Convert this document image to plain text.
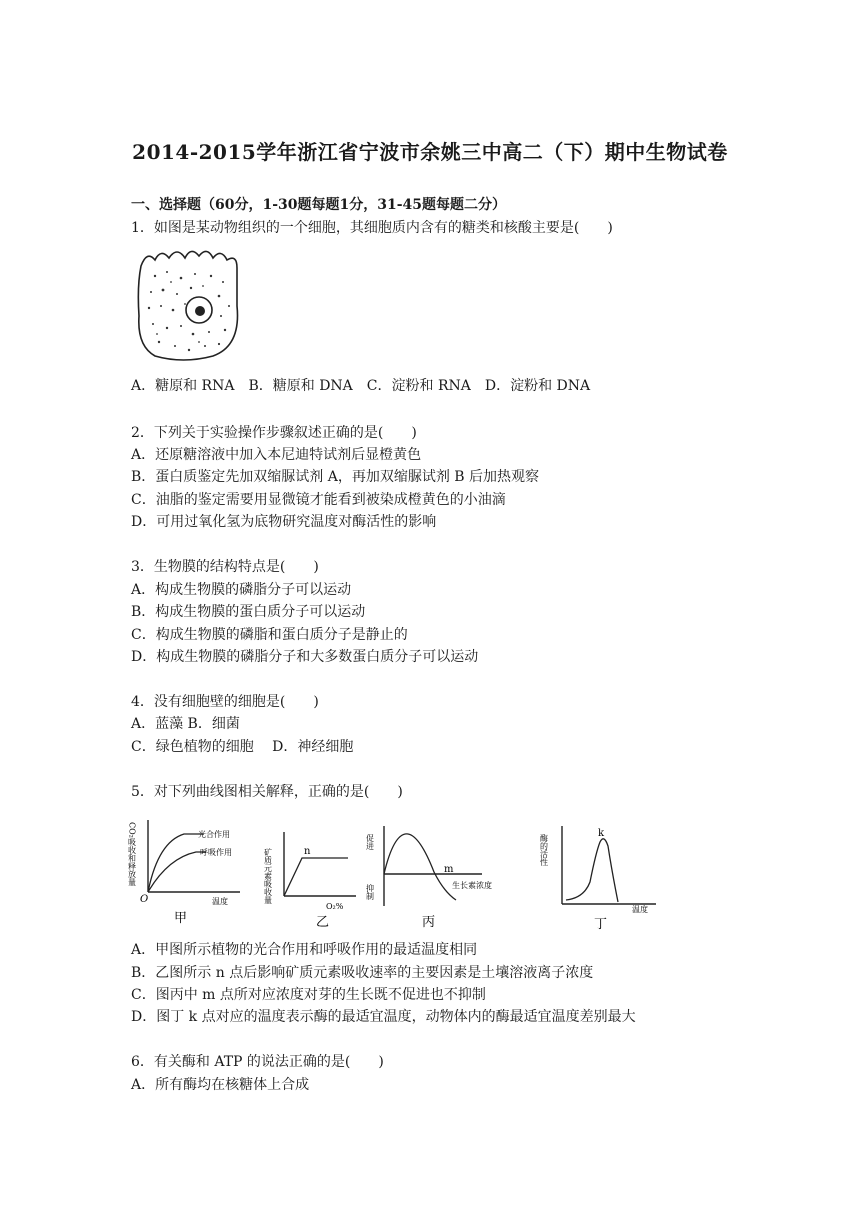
2014-2015学年浙江省宁波市余姚三中高二（下）期中生物试卷
一、选择题（60分，1-30题每题1分，31-45题每题二分）
1．如图是某动物组织的一个细胞，其细胞质内含有的糖类和核酸主要是(　　)
A．糖原和 RNA　B．糖原和 DNA　C．淀粉和 RNA　D．淀粉和 DNA
2．下列关于实验操作步骤叙述正确的是(　　)
A．还原糖溶液中加入本尼迪特试剂后显橙黄色
B．蛋白质鉴定先加双缩脲试剂 A，再加双缩脲试剂 B 后加热观察
C．油脂的鉴定需要用显微镜才能看到被染成橙黄色的小油滴
D．可用过氧化氢为底物研究温度对酶活性的影响
3．生物膜的结构特点是(　　)
A．构成生物膜的磷脂分子可以运动
B．构成生物膜的蛋白质分子可以运动
C．构成生物膜的磷脂和蛋白质分子是静止的
D．构成生物膜的磷脂分子和大多数蛋白质分子可以运动
4．没有细胞壁的细胞是(　　)
A．蓝藻 B．细菌
C．绿色植物的细胞　 D．神经细胞
5．对下列曲线图相关解释，正确的是(　　)
CO₂吸收和释放量	光合作用
呼吸作用
O	温度
甲
矿质元素吸收量	n
O₂%
乙
促进
抑制
m
生长素浓度
丙
酶的活性
k
温度
丁
A．甲图所示植物的光合作用和呼吸作用的最适温度相同
B．乙图所示 n 点后影响矿质元素吸收速率的主要因素是土壤溶液离子浓度
C．图丙中 m 点所对应浓度对芽的生长既不促进也不抑制
D．图丁 k 点对应的温度表示酶的最适宜温度，动物体内的酶最适宜温度差别最大
6．有关酶和 ATP 的说法正确的是(　　)
A．所有酶均在核糖体上合成
